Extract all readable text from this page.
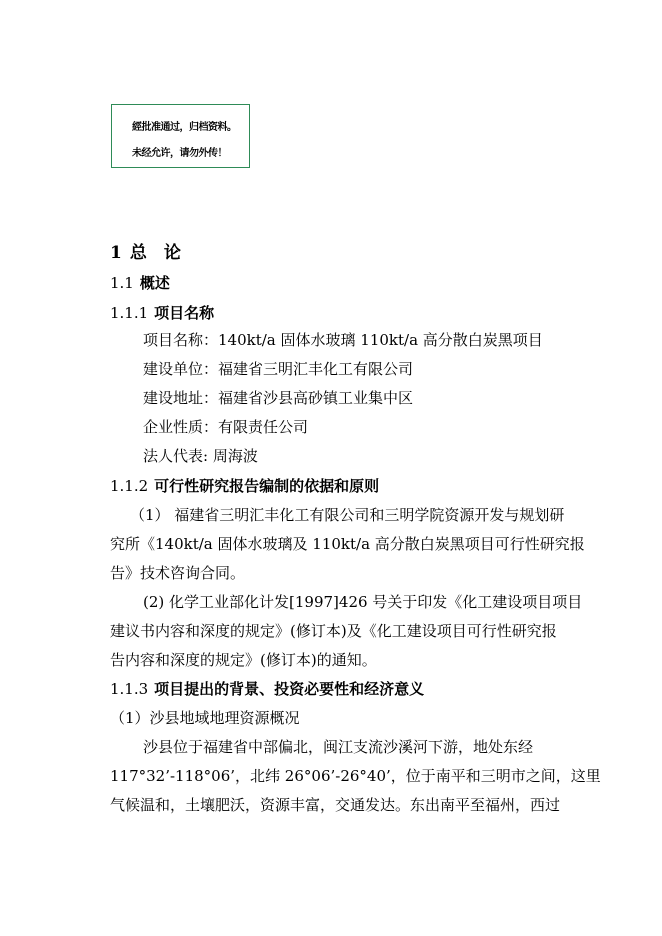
經批准通过，归档资料。
未经允许，请勿外传！
1 总　论
1.1 概述
1.1.1 项目名称
项目名称：140kt/a 固体水玻璃 110kt/a 高分散白炭黑项目
建设单位：福建省三明汇丰化工有限公司
建设地址：福建省沙县高砂镇工业集中区
企业性质：有限责任公司
法人代表: 周海波
1.1.2 可行性研究报告编制的依据和原则
（1） 福建省三明汇丰化工有限公司和三明学院资源开发与规划研
究所《140kt/a 固体水玻璃及 110kt/a 高分散白炭黑项目可行性研究报
告》技术咨询合同。
(2) 化学工业部化计发[1997]426 号关于印发《化工建设项目项目
建议书内容和深度的规定》(修订本)及《化工建设项目可行性研究报
告内容和深度的规定》(修订本)的通知。
1.1.3 项目提出的背景、投资必要性和经济意义
（1）沙县地域地理资源概况
沙县位于福建省中部偏北，闽江支流沙溪河下游，地处东经
117°32’-118°06’，北纬 26°06’-26°40’，位于南平和三明市之间，这里
气候温和，土壤肥沃，资源丰富，交通发达。东出南平至福州，西过
